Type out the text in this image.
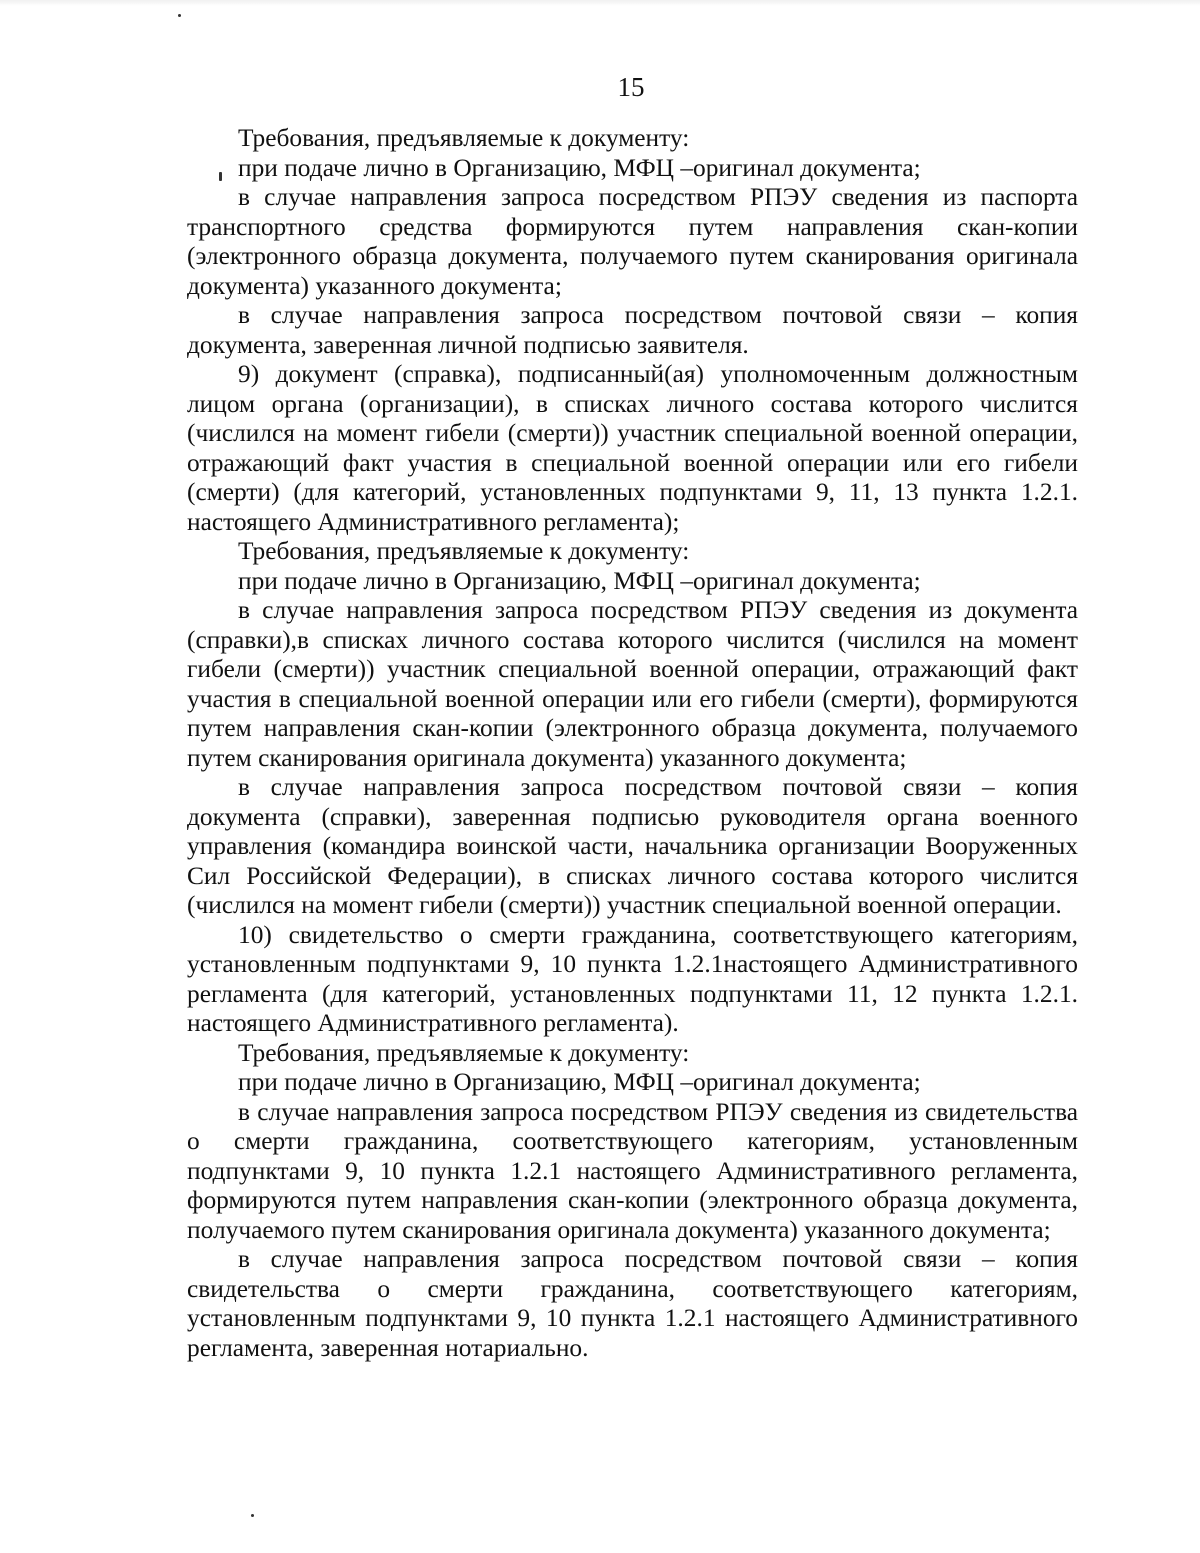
15

Требования, предъявляемые к документу:

при подаче лично в Организацию, МФЦ –оригинал документа;

в случае направления запроса посредством РПЭУ сведения из паспорта транспортного средства формируются путем направления скан-копии (электронного образца документа, получаемого путем сканирования оригинала документа) указанного документа;

в случае направления запроса посредством почтовой связи – копия документа, заверенная личной подписью заявителя.

9) документ (справка), подписанный(ая) уполномоченным должностным лицом органа (организации), в списках личного состава которого числится (числился на момент гибели (смерти)) участник специальной военной операции, отражающий факт участия в специальной военной операции или его гибели (смерти) (для категорий, установленных подпунктами 9, 11, 13 пункта 1.2.1. настоящего Административного регламента);

Требования, предъявляемые к документу:

при подаче лично в Организацию, МФЦ –оригинал документа;

в случае направления запроса посредством РПЭУ сведения из документа (справки),в списках личного состава которого числится (числился на момент гибели (смерти)) участник специальной военной операции, отражающий факт участия в специальной военной операции или его гибели (смерти), формируются путем направления скан-копии (электронного образца документа, получаемого путем сканирования оригинала документа) указанного документа;

в случае направления запроса посредством почтовой связи – копия документа (справки), заверенная подписью руководителя органа военного управления (командира воинской части, начальника организации Вооруженных Сил Российской Федерации), в списках личного состава которого числится (числился на момент гибели (смерти)) участник специальной военной операции.

10) свидетельство о смерти гражданина, соответствующего категориям, установленным подпунктами 9, 10 пункта 1.2.1настоящего Административного регламента (для категорий, установленных подпунктами 11, 12 пункта 1.2.1. настоящего Административного регламента).

Требования, предъявляемые к документу:

при подаче лично в Организацию, МФЦ –оригинал документа;

в случае направления запроса посредством РПЭУ сведения из свидетельства о смерти гражданина, соответствующего категориям, установленным подпунктами 9, 10 пункта 1.2.1 настоящего Административного регламента, формируются путем направления скан-копии (электронного образца документа, получаемого путем сканирования оригинала документа) указанного документа;

в случае направления запроса посредством почтовой связи – копия свидетельства о смерти гражданина, соответствующего категориям, установленным подпунктами 9, 10 пункта 1.2.1 настоящего Административного регламента, заверенная нотариально.
